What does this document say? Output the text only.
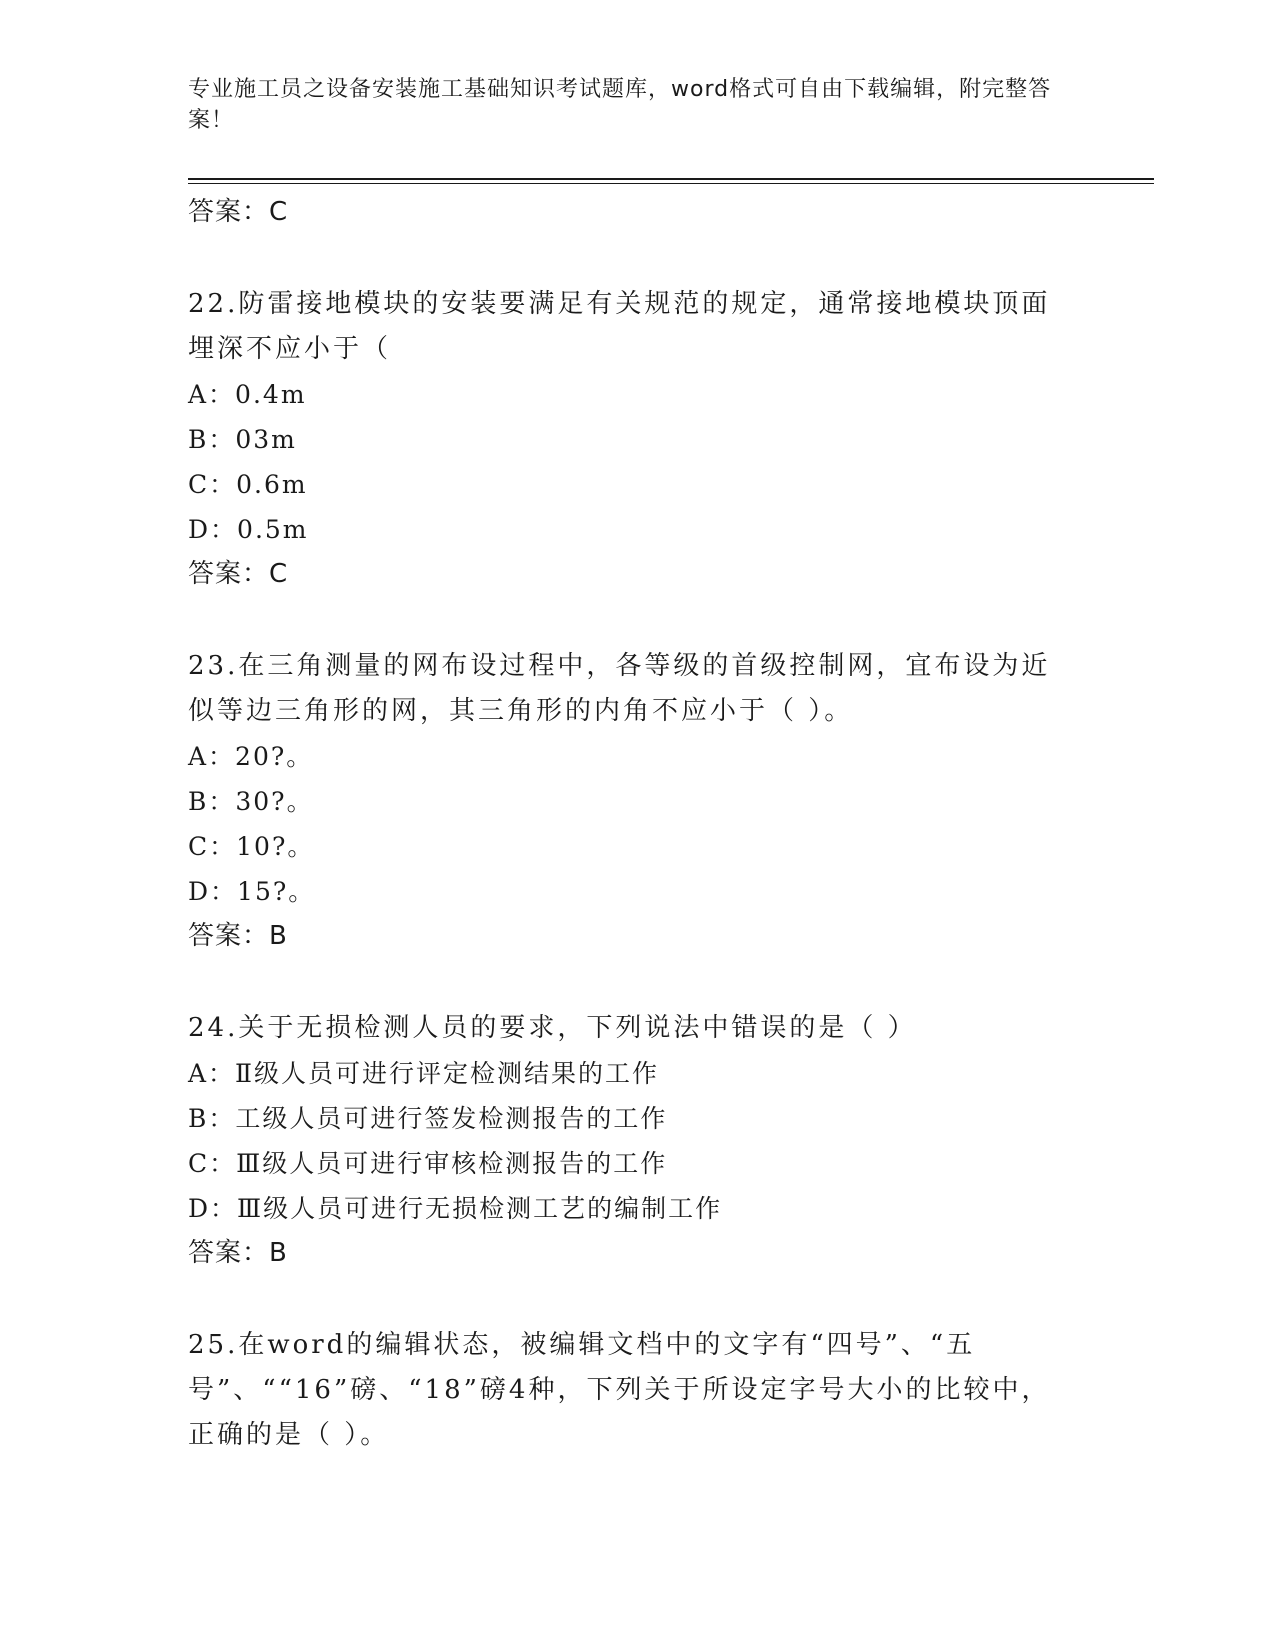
专业施工员之设备安装施工基础知识考试题库，word格式可自由下载编辑，附完整答案！
答案：C
22.防雷接地模块的安装要满足有关规范的规定，通常接地模块顶面埋深不应小于（
A：0.4m
B：03m
C：0.6m
D：0.5m
答案：C
23.在三角测量的网布设过程中，各等级的首级控制网，宜布设为近似等边三角形的网，其三角形的内角不应小于（ ）。
A：20?。
B：30?。
C：10?。
D：15?。
答案：B
24.关于无损检测人员的要求，下列说法中错误的是（ ）
A：Ⅱ级人员可进行评定检测结果的工作
B：工级人员可进行签发检测报告的工作
C：Ⅲ级人员可进行审核检测报告的工作
D：Ⅲ级人员可进行无损检测工艺的编制工作
答案：B
25.在word的编辑状态，被编辑文档中的文字有“四号”、“五号”、““16”磅、“18”磅4种，下列关于所设定字号大小的比较中，正确的是（ ）。
